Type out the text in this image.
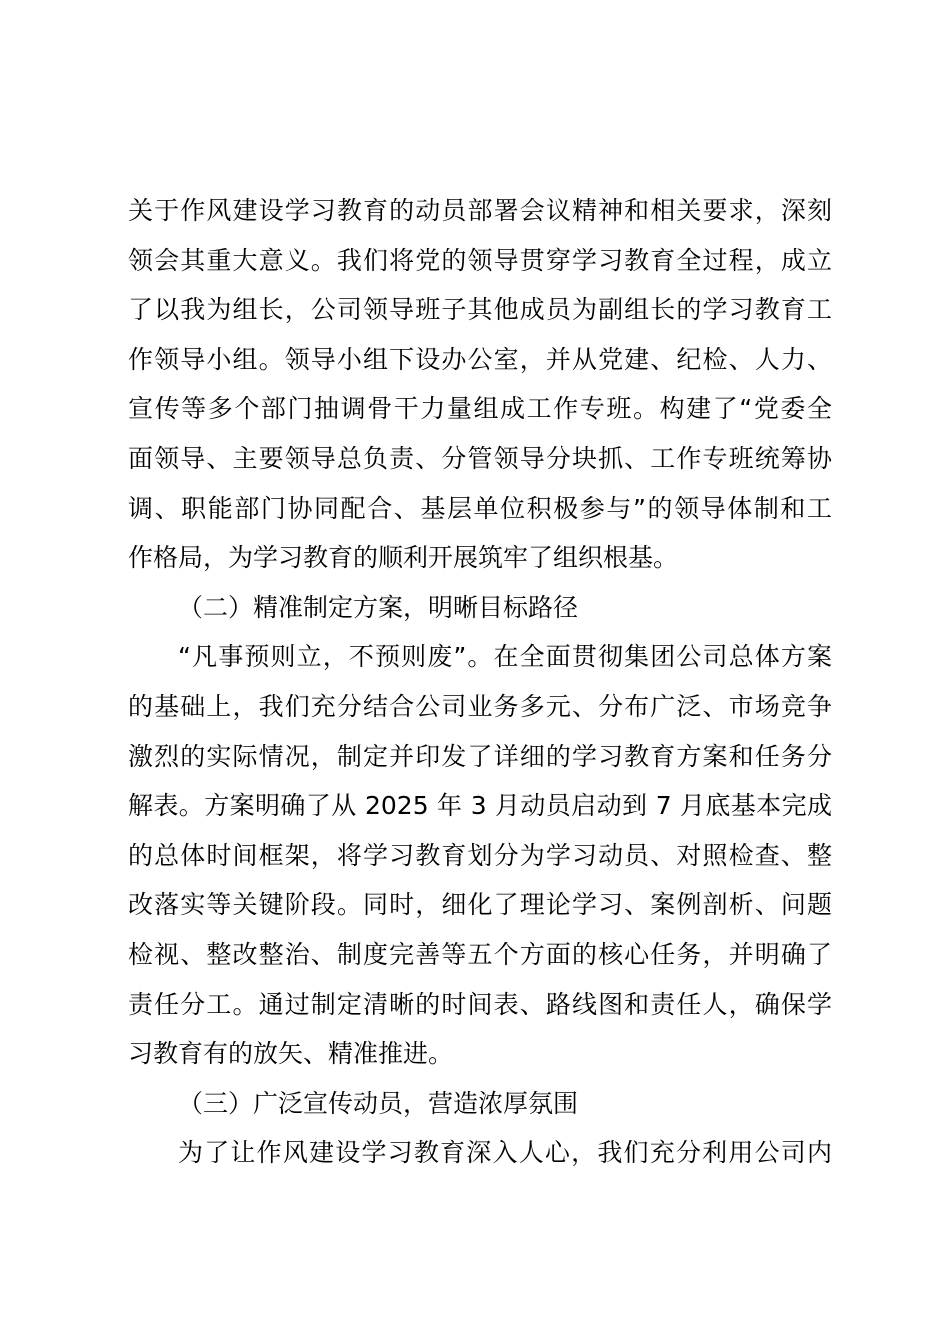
关于作风建设学习教育的动员部署会议精神和相关要求，深刻
领会其重大意义。我们将党的领导贯穿学习教育全过程，成立
了以我为组长，公司领导班子其他成员为副组长的学习教育工
作领导小组。领导小组下设办公室，并从党建、纪检、人力、
宣传等多个部门抽调骨干力量组成工作专班。构建了“党委全
面领导、主要领导总负责、分管领导分块抓、工作专班统筹协
调、职能部门协同配合、基层单位积极参与”的领导体制和工
作格局，为学习教育的顺利开展筑牢了组织根基。
（二）精准制定方案，明晰目标路径
“凡事预则立，不预则废”。在全面贯彻集团公司总体方案
的基础上，我们充分结合公司业务多元、分布广泛、市场竞争
激烈的实际情况，制定并印发了详细的学习教育方案和任务分
解表。方案明确了从 2025 年 3 月动员启动到 7 月底基本完成
的总体时间框架，将学习教育划分为学习动员、对照检查、整
改落实等关键阶段。同时，细化了理论学习、案例剖析、问题
检视、整改整治、制度完善等五个方面的核心任务，并明确了
责任分工。通过制定清晰的时间表、路线图和责任人，确保学
习教育有的放矢、精准推进。
（三）广泛宣传动员，营造浓厚氛围
为了让作风建设学习教育深入人心，我们充分利用公司内
